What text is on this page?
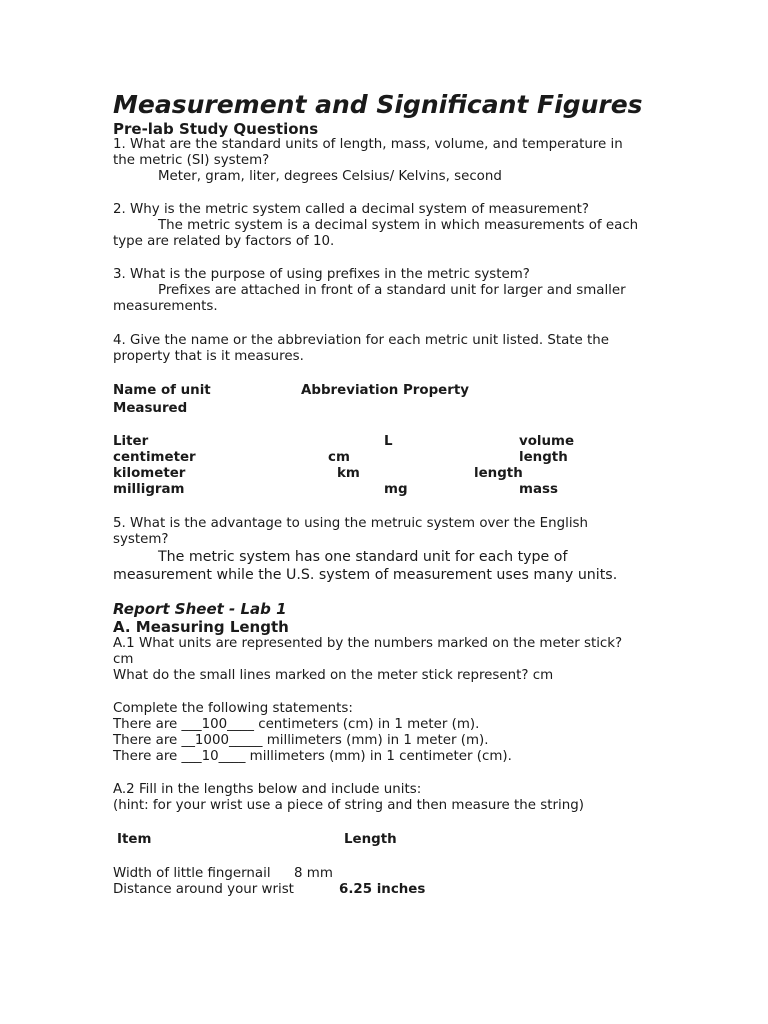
Measurement and Significant Figures
Pre-lab Study Questions
1. What are the standard units of length, mass, volume, and temperature in
the metric (SI) system?
Meter, gram, liter, degrees Celsius/ Kelvins, second
2. Why is the metric system called a decimal system of measurement?
The metric system is a decimal system in which measurements of each
type are related by factors of 10.
3. What is the purpose of using prefixes in the metric system?
Prefixes are attached in front of a standard unit for larger and smaller
measurements.
4. Give the name or the abbreviation for each metric unit listed. State the
property that is it measures.
Name of unit	Abbreviation Property
Measured
Liter	L	volume
centimeter	cm	length
kilometer	km	length
milligram	mg	mass
5. What is the advantage to using the metruic system over the English
system?
The metric system has one standard unit for each type of
measurement while the U.S. system of measurement uses many units.
Report Sheet - Lab 1
A. Measuring Length
A.1 What units are represented by the numbers marked on the meter stick?
cm
What do the small lines marked on the meter stick represent? cm
Complete the following statements:
There are ___100____ centimeters (cm) in 1 meter (m).
There are __1000_____ millimeters (mm) in 1 meter (m).
There are ___10____ millimeters (mm) in 1 centimeter (cm).
A.2 Fill in the lengths below and include units:
(hint: for your wrist use a piece of string and then measure the string)
Item	Length
Width of little fingernail 8 mm
Distance around your wrist	6.25 inches
